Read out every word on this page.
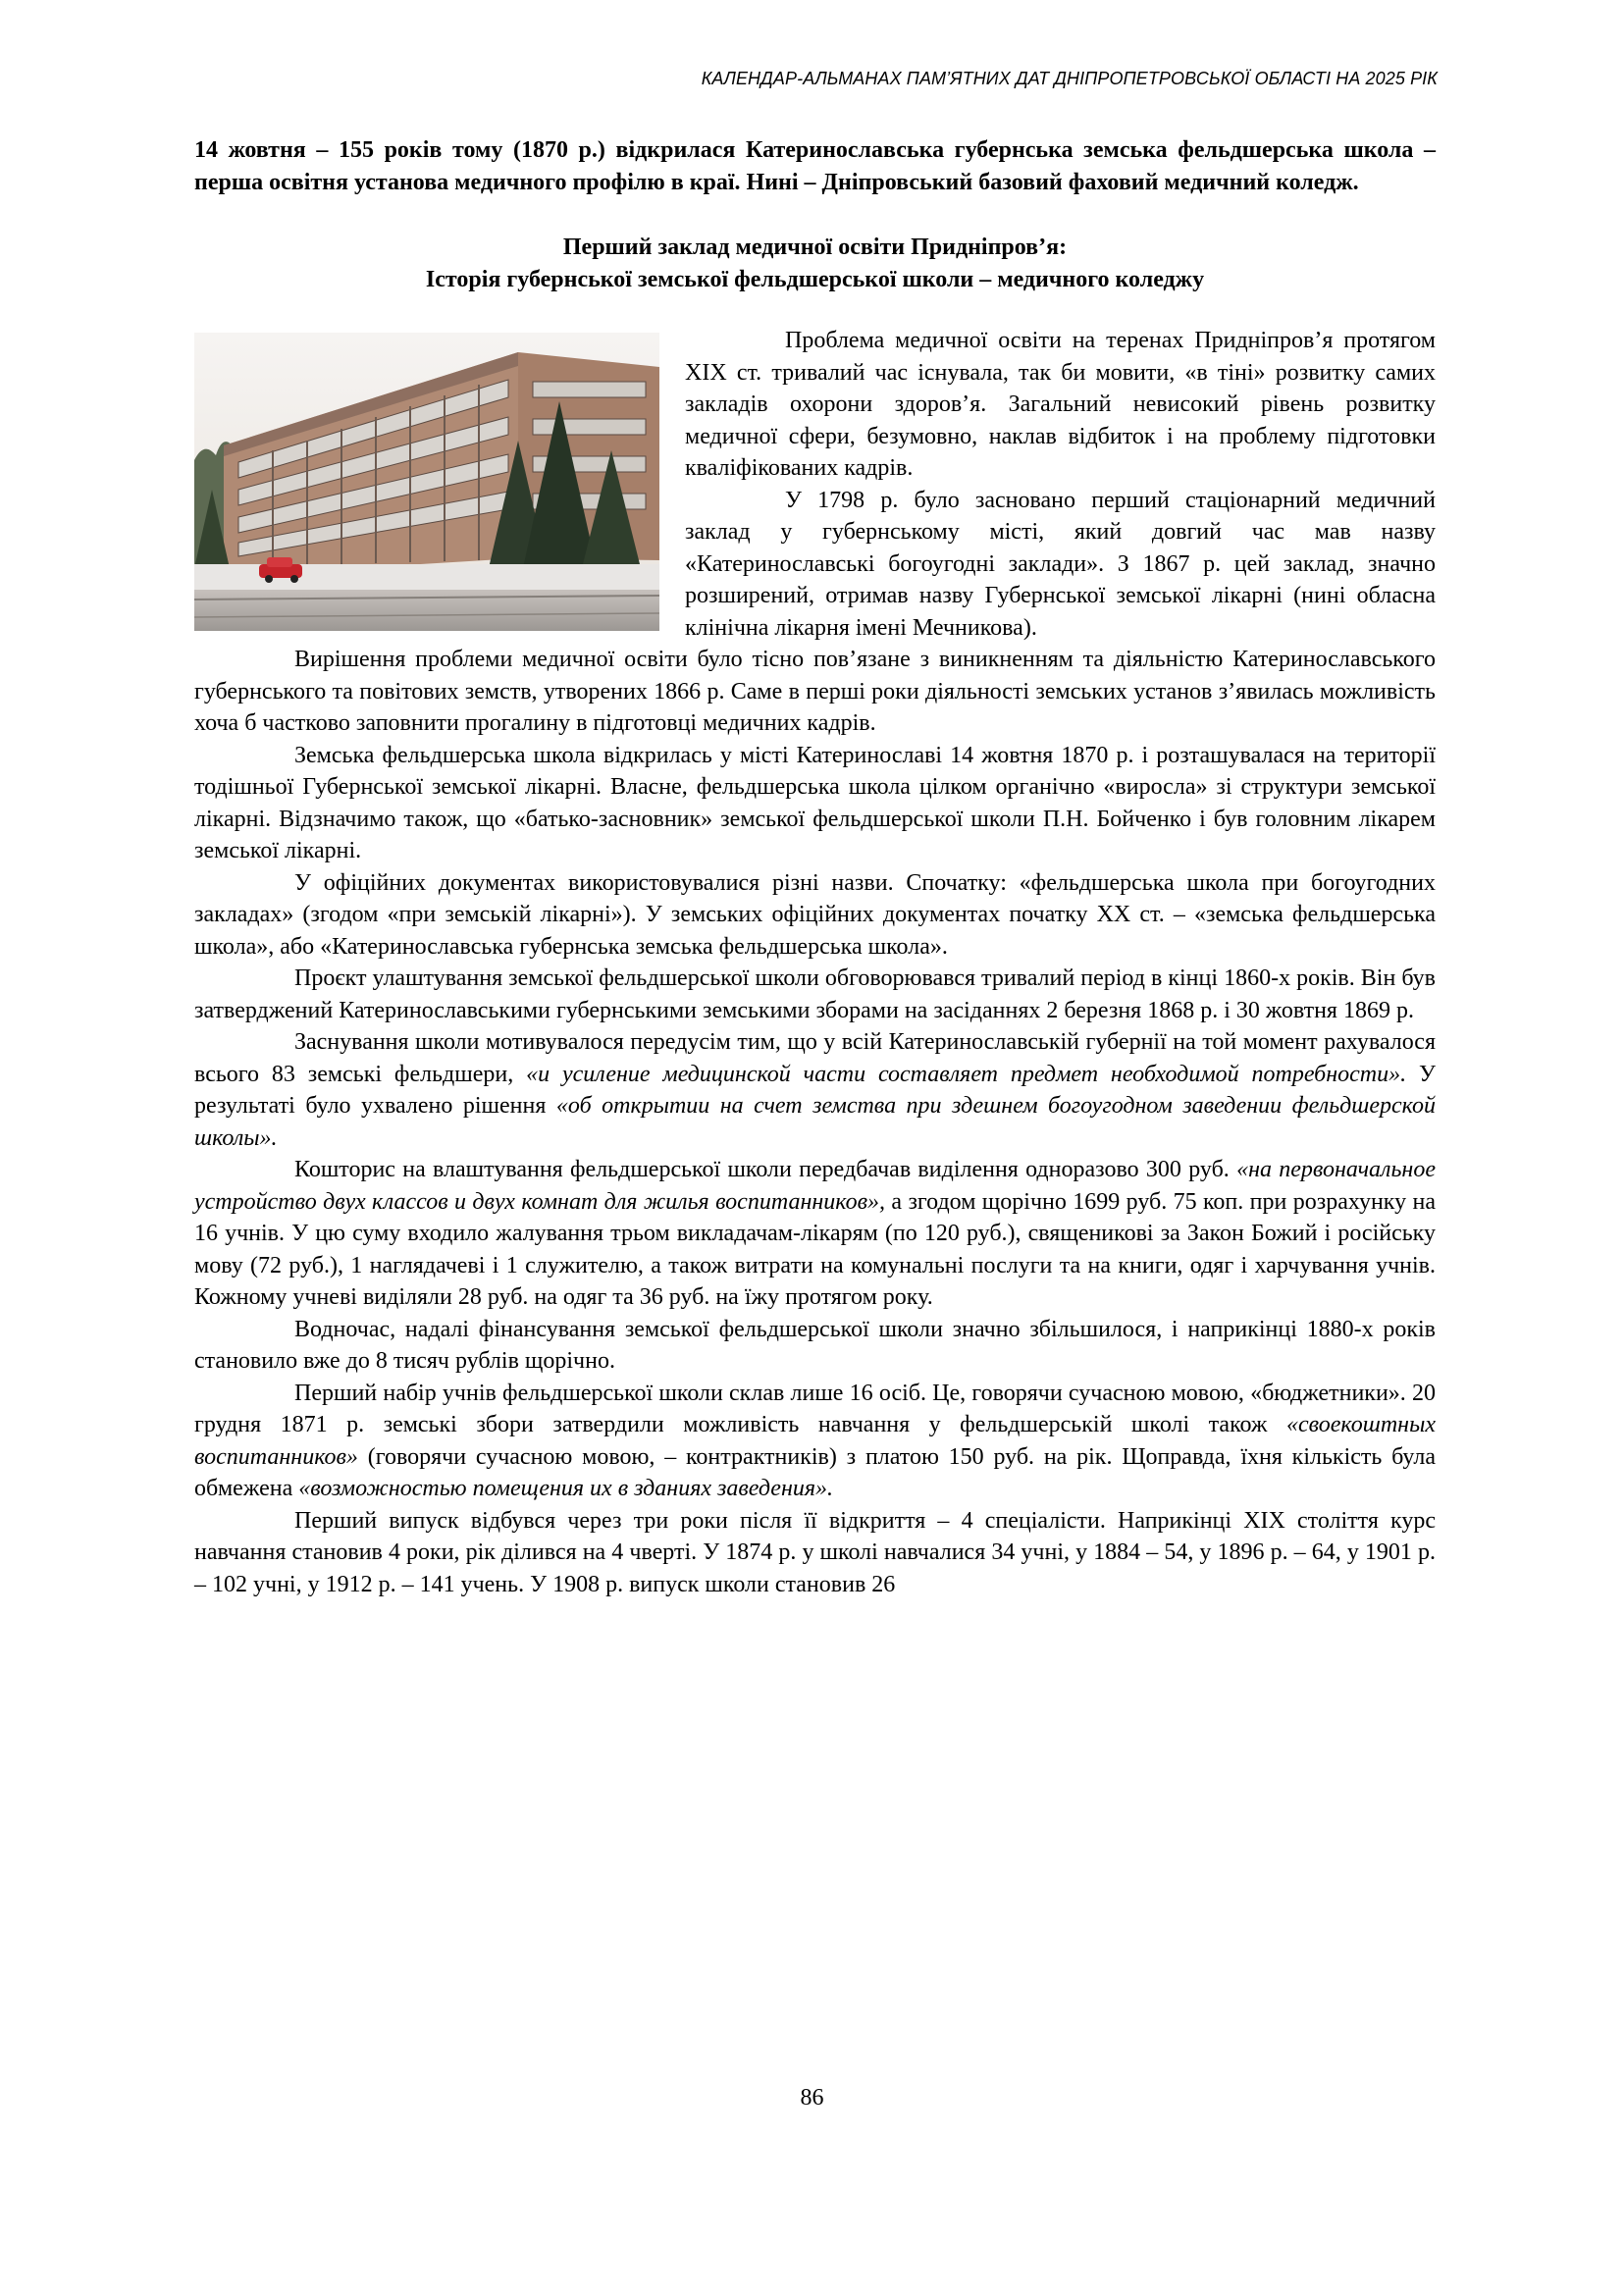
КАЛЕНДАР-АЛЬМАНАХ ПАМ’ЯТНИХ ДАТ ДНІПРОПЕТРОВСЬКОЇ ОБЛАСТІ НА 2025 РІК
14 жовтня – 155 років тому (1870 р.) відкрилася Катеринославська губернська земська фельдшерська школа – перша освітня установа медичного профілю в краї. Нині – Дніпровський базовий фаховий медичний коледж.
Перший заклад медичної освіти Придніпров’я:
Історія губернської земської фельдшерської школи – медичного коледжу

Проблема медичної освіти на теренах Придніпров’я протягом XIX ст. тривалий час існувала, так би мовити, «в тіні» розвитку самих закладів охорони здоров’я. Загальний невисокий рівень розвитку медичної сфери, безумовно, наклав відбиток і на проблему підготовки кваліфікованих кадрів.

У 1798 р. було засновано перший стаціонарний медичний заклад у губернському місті, який довгий час мав назву «Катеринославські богоугодні заклади». З 1867 р. цей заклад, значно розширений, отримав назву Губернської земської лікарні (нині обласна клінічна лікарня імені Мечникова).

Вирішення проблеми медичної освіти було тісно пов’язане з виникненням та діяльністю Катеринославського губернського та повітових земств, утворених 1866 р. Саме в перші роки діяльності земських установ з’явилась можливість хоча б частково заповнити прогалину в підготовці медичних кадрів.

Земська фельдшерська школа відкрилась у місті Катеринославі 14 жовтня 1870 р. і розташувалася на території тодішньої Губернської земської лікарні. Власне, фельдшерська школа цілком органічно «виросла» зі структури земської лікарні. Відзначимо також, що «батько-засновник» земської фельдшерської школи П.Н. Бойченко і був головним лікарем земської лікарні.

У офіційних документах використовувалися різні назви. Спочатку: «фельдшерська школа при богоугодних закладах» (згодом «при земській лікарні»). У земських офіційних документах початку XX ст. – «земська фельдшерська школа», або «Катеринославська губернська земська фельдшерська школа».

Проєкт улаштування земської фельдшерської школи обговорювався тривалий період в кінці 1860-х років. Він був затверджений Катеринославськими губернськими земськими зборами на засіданнях 2 березня 1868 р. і 30 жовтня 1869 р.

Заснування школи мотивувалося передусім тим, що у всій Катеринославській губернії на той момент рахувалося всього 83 земські фельдшери, «и усиление медицинской части составляет предмет необходимой потребности». У результаті було ухвалено рішення «об открытии на счет земства при здешнем богоугодном заведении фельдшерской школы».

Кошторис на влаштування фельдшерської школи передбачав виділення одноразово 300 руб. «на первоначальное устройство двух классов и двух комнат для жилья воспитанников», а згодом щорічно 1699 руб. 75 коп. при розрахунку на 16 учнів. У цю суму входило жалування трьом викладачам-лікарям (по 120 руб.), священикові за Закон Божий і російську мову (72 руб.), 1 наглядачеві і 1 служителю, а також витрати на комунальні послуги та на книги, одяг і харчування учнів. Кожному учневі виділяли 28 руб. на одяг та 36 руб. на їжу протягом року.

Водночас, надалі фінансування земської фельдшерської школи значно збільшилося, і наприкінці 1880-х років становило вже до 8 тисяч рублів щорічно.

Перший набір учнів фельдшерської школи склав лише 16 осіб. Це, говорячи сучасною мовою, «бюджетники». 20 грудня 1871 р. земські збори затвердили можливість навчання у фельдшерській школі також «своекоштных воспитанников» (говорячи сучасною мовою, – контрактників) з платою 150 руб. на рік. Щоправда, їхня кількість була обмежена «возможностью помещения их в зданиях заведения».

Перший випуск відбувся через три роки після її відкриття – 4 спеціалісти. Наприкінці XIX століття курс навчання становив 4 роки, рік ділився на 4 чверті. У 1874 р. у школі навчалися 34 учні, у 1884 – 54, у 1896 р. – 64, у 1901 р. – 102 учні, у 1912 р. – 141 учень. У 1908 р. випуск школи становив 26

86
